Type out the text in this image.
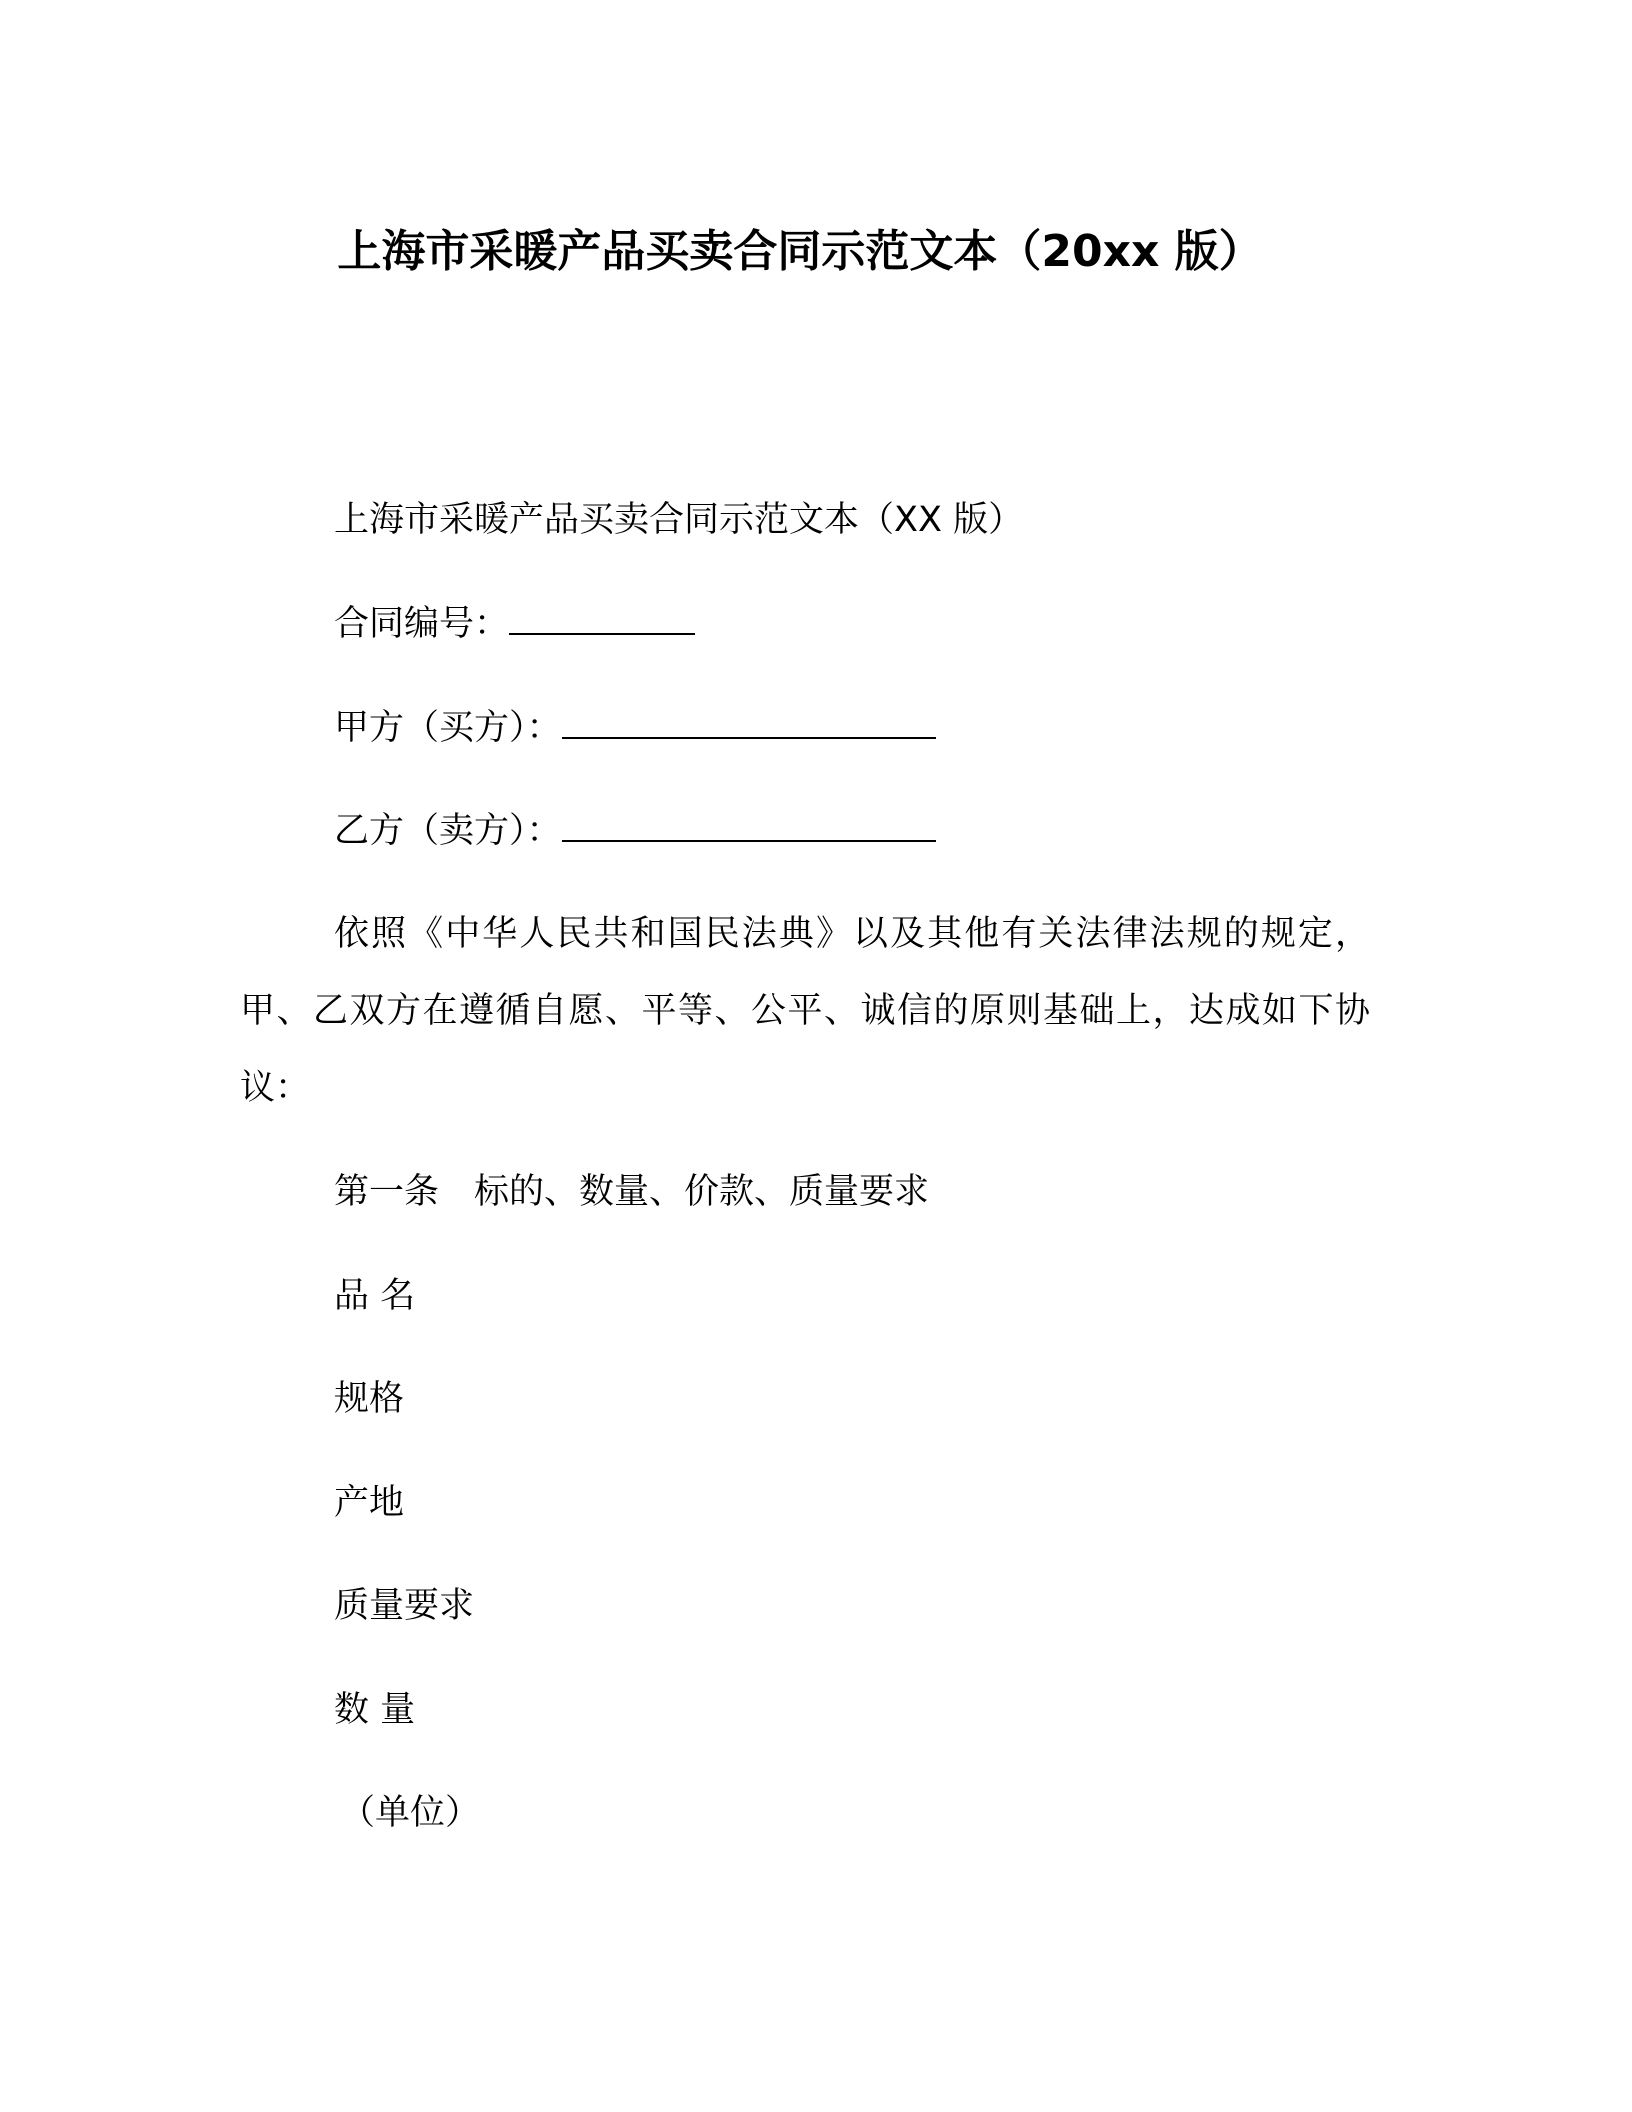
上海市采暖产品买卖合同示范文本（20xx 版）
上海市采暖产品买卖合同示范文本（XX 版）
合同编号：
甲方（买方）：
乙方（卖方）：
依照《中华人民共和国民法典》以及其他有关法律法规的规定，甲、乙双方在遵循自愿、平等、公平、诚信的原则基础上，达成如下协议：
第一条　标的、数量、价款、质量要求
品 名
规格
产地
质量要求
数 量
（单位）
